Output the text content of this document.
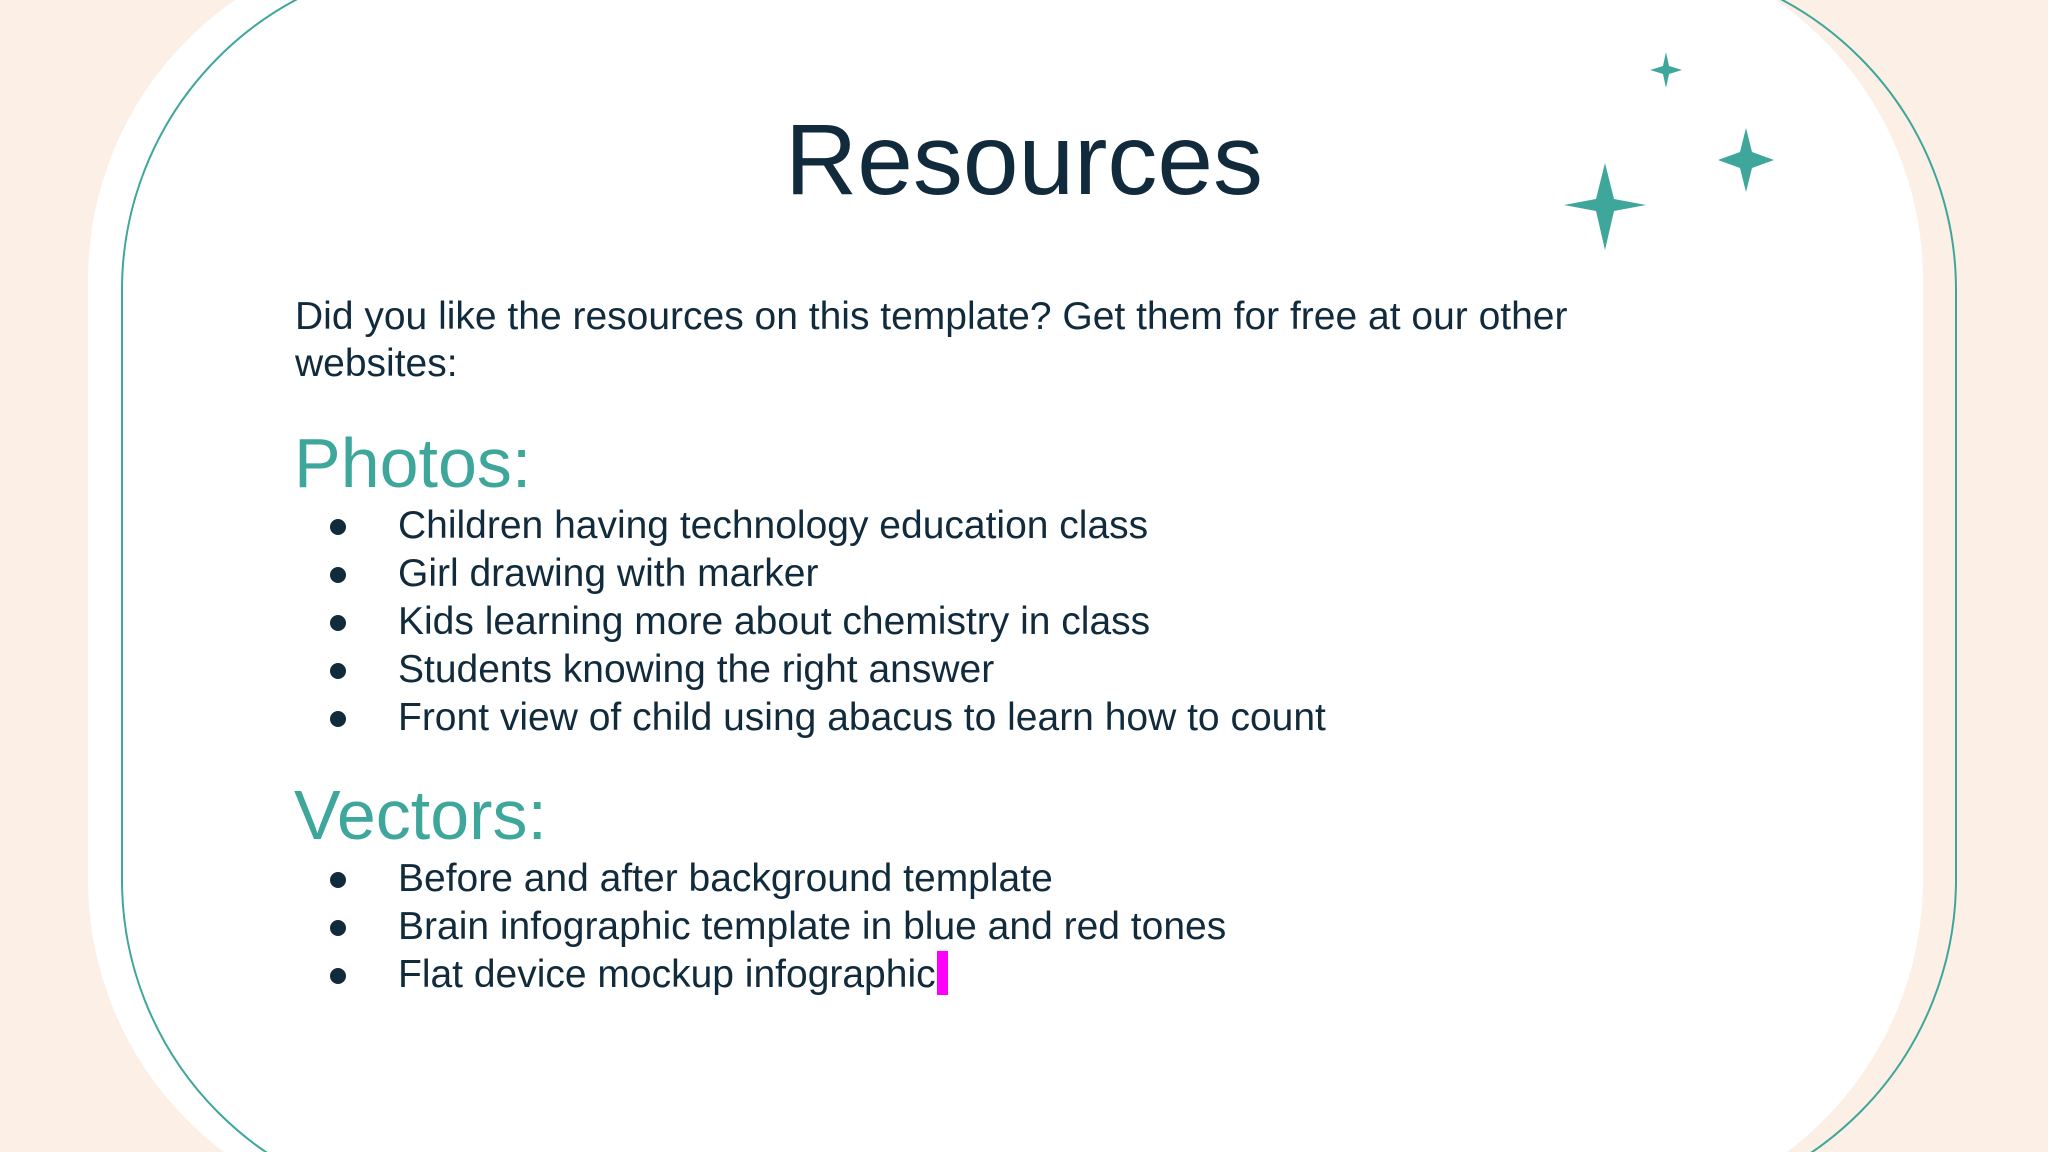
Resources

Did you like the resources on this template? Get them for free at our other websites:

Photos:
Children having technology education class
Girl drawing with marker
Kids learning more about chemistry in class
Students knowing the right answer
Front view of child using abacus to learn how to count
Vectors:
Before and after background template
Brain infographic template in blue and red tones
Flat device mockup infographic
